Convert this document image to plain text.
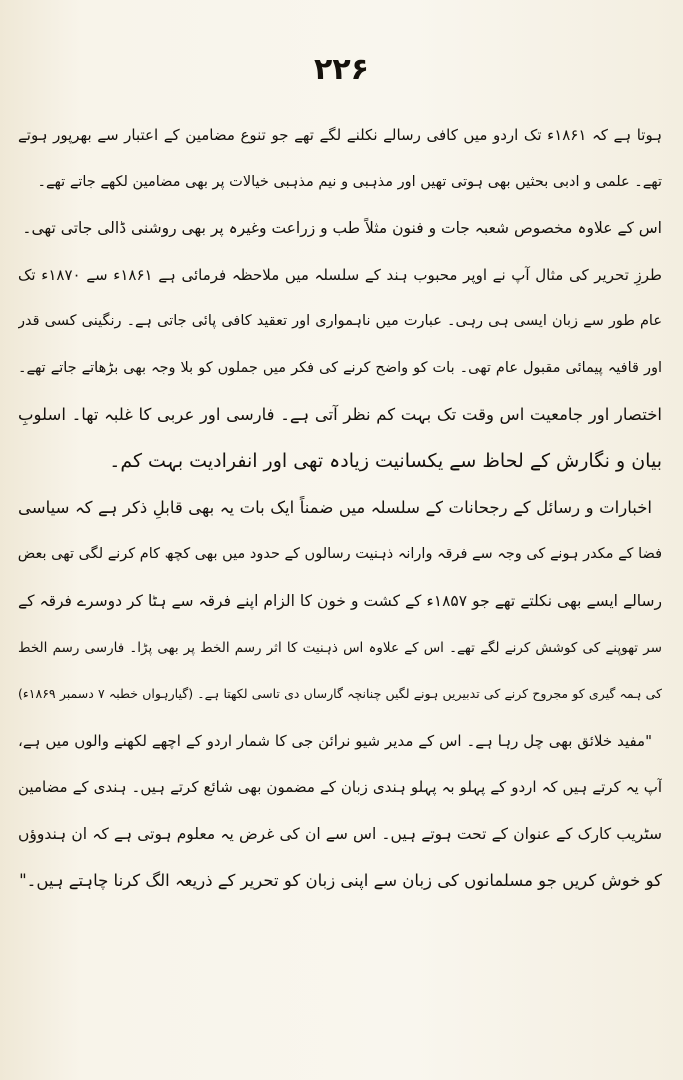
۲۲۶
ہوتا ہے کہ ۱۸۶۱ء تک اردو میں کافی رسالے نکلنے لگے تھے جو تنوع مضامین کے اعتبار سے بھرپور ہوتے
تھے۔ علمی و ادبی بحثیں بھی ہوتی تھیں اور مذہبی و نیم مذہبی خیالات پر بھی مضامین لکھے جاتے تھے۔
اس کے علاوہ مخصوص شعبہ جات و فنون مثلاً طب و زراعت وغیرہ پر بھی روشنی ڈالی جاتی تھی۔
طرزِ تحریر کی مثال آپ نے اوپر محبوب ہند کے سلسلہ میں ملاحظہ فرمائی ہے ۱۸۶۱ء سے ۱۸۷۰ء تک
عام طور سے زبان ایسی ہی رہی۔ عبارت میں ناہمواری اور تعقید کافی پائی جاتی ہے۔ رنگینی کسی قدر
اور قافیہ پیمائی مقبول عام تھی۔ بات کو واضح کرنے کی فکر میں جملوں کو بلا وجہ بھی بڑھاتے جاتے تھے۔
اختصار اور جامعیت اس وقت تک بہت کم نظر آتی ہے۔ فارسی اور عربی کا غلبہ تھا۔ اسلوبِ
بیان و نگارش کے لحاظ سے یکسانیت زیادہ تھی اور انفرادیت بہت کم۔
اخبارات و رسائل کے رجحانات کے سلسلہ میں ضمناً ایک بات یہ بھی قابلِ ذکر ہے کہ سیاسی
فضا کے مکدر ہونے کی وجہ سے فرقہ وارانہ ذہنیت رسالوں کے حدود میں بھی کچھ کام کرنے لگی تھی بعض
رسالے ایسے بھی نکلتے تھے جو ۱۸۵۷ء کے کشت و خون کا الزام اپنے فرقہ سے ہٹا کر دوسرے فرقہ کے
سر تھوپنے کی کوشش کرنے لگے تھے۔ اس کے علاوہ اس ذہنیت کا اثر رسم الخط پر بھی پڑا۔ فارسی رسم الخط
کی ہمہ گیری کو مجروح کرنے کی تدبیریں ہونے لگیں چنانچہ گارساں دی تاسی لکھتا ہے۔ (گیارہواں خطبہ ۷ دسمبر ۱۸۶۹ء)
"مفید خلائق بھی چل رہا ہے۔ اس کے مدیر شیو نرائن جی کا شمار اردو کے اچھے لکھنے والوں میں ہے،
آپ یہ کرتے ہیں کہ اردو کے پہلو بہ پہلو ہندی زبان کے مضمون بھی شائع کرتے ہیں۔ ہندی کے مضامین
سٹریب کارک کے عنوان کے تحت ہوتے ہیں۔ اس سے ان کی غرض یہ معلوم ہوتی ہے کہ ان ہندوؤں
کو خوش کریں جو مسلمانوں کی زبان سے اپنی زبان کو تحریر کے ذریعہ الگ کرنا چاہتے ہیں۔"
